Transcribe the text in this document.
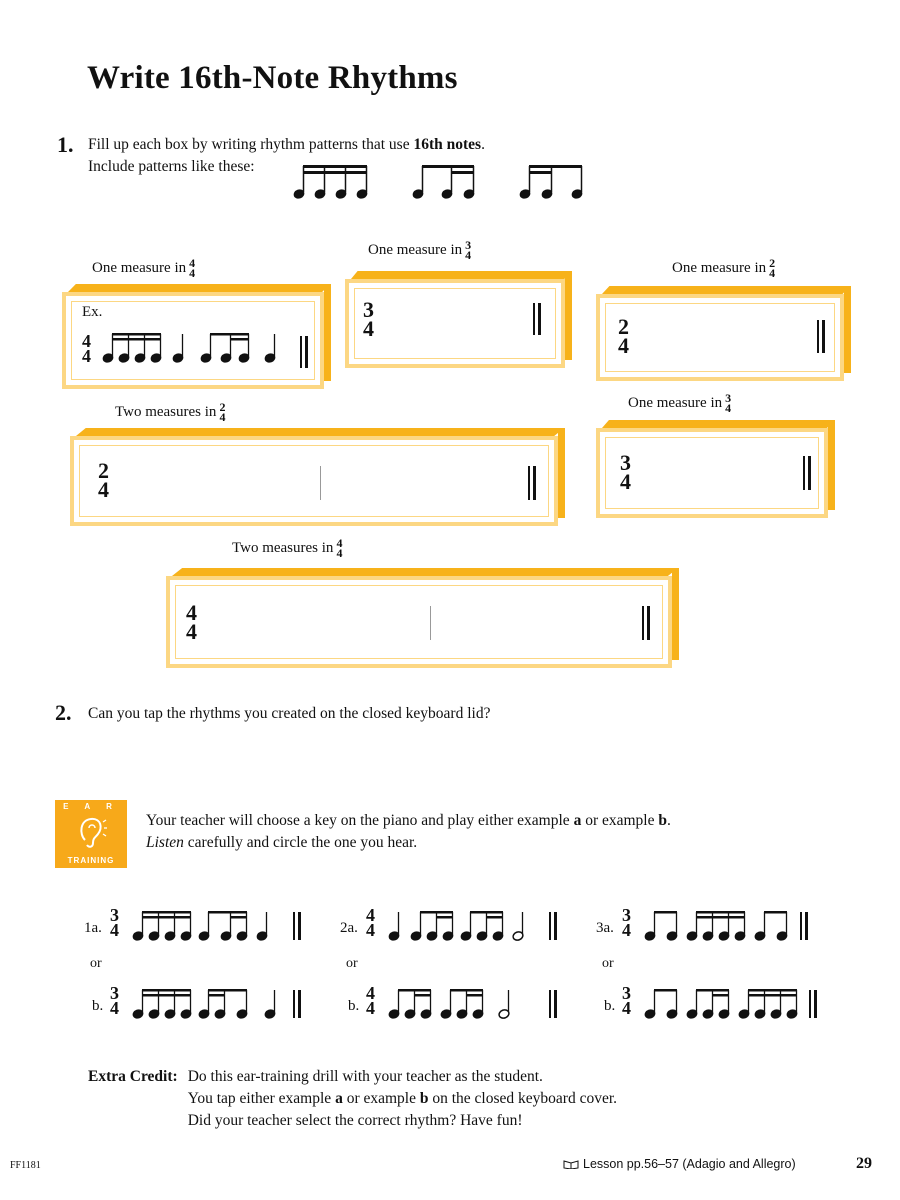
Write 16th-Note Rhythms
1. Fill up each box by writing rhythm patterns that use 16th notes.
Include patterns like these:
One measure in 4
4
One measure in 3
4
One measure in 2
4
Two measures in 2
4
One measure in 3
4
Two measures in 4
4
Ex.
4
4
3
4	2
4
2
4
3
4
4
4
2. Can you tap the rhythms you created on the closed keyboard lid?
E A R
TRAINING
Your teacher will choose a key on the piano and play either example a or example b.
Listen carefully and circle the one you hear.
1a.
3
4	2a.
4
4	3a.
3
4
or	or	or
b.
3
4	b.
4
4	b.
3
4
Extra Credit: Do this ear-training drill with your teacher as the student.
You tap either example a or example b on the closed keyboard cover.
Did your teacher select the correct rhythm? Have fun!
FF1181	Lesson pp.56–57 (Adagio and Allegro)	29
